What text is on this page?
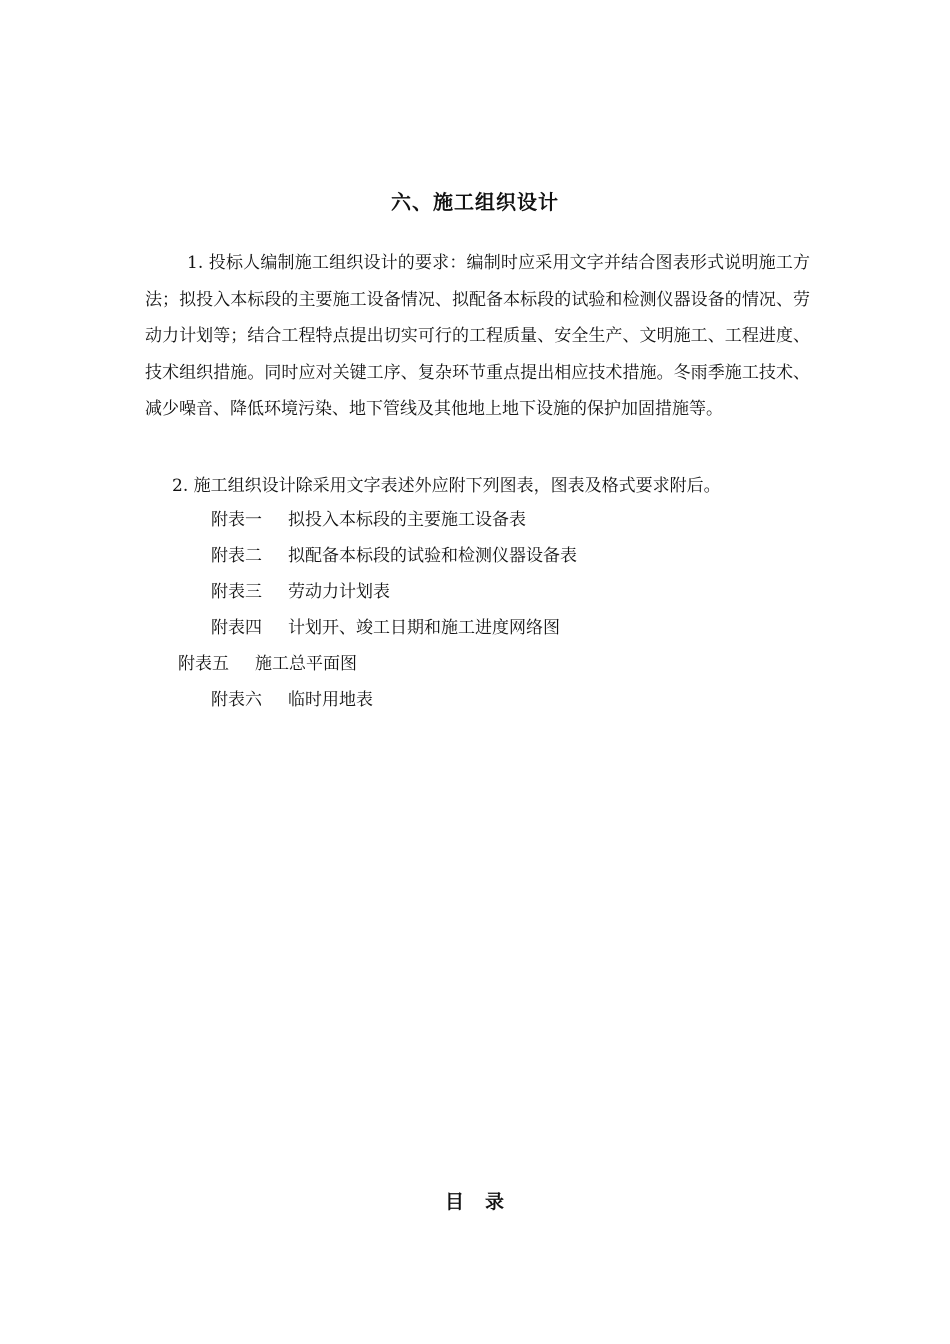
六、施工组织设计
1. 投标人编制施工组织设计的要求：编制时应采用文字并结合图表形式说明施工方法；拟投入本标段的主要施工设备情况、拟配备本标段的试验和检测仪器设备的情况、劳动力计划等；结合工程特点提出切实可行的工程质量、安全生产、文明施工、工程进度、技术组织措施。同时应对关键工序、复杂环节重点提出相应技术措施。冬雨季施工技术、减少噪音、降低环境污染、地下管线及其他地上地下设施的保护加固措施等。
2. 施工组织设计除采用文字表述外应附下列图表，图表及格式要求附后。
附表一 拟投入本标段的主要施工设备表
附表二 拟配备本标段的试验和检测仪器设备表
附表三 劳动力计划表
附表四 计划开、竣工日期和施工进度网络图
附表五 施工总平面图
附表六 临时用地表
目　录
